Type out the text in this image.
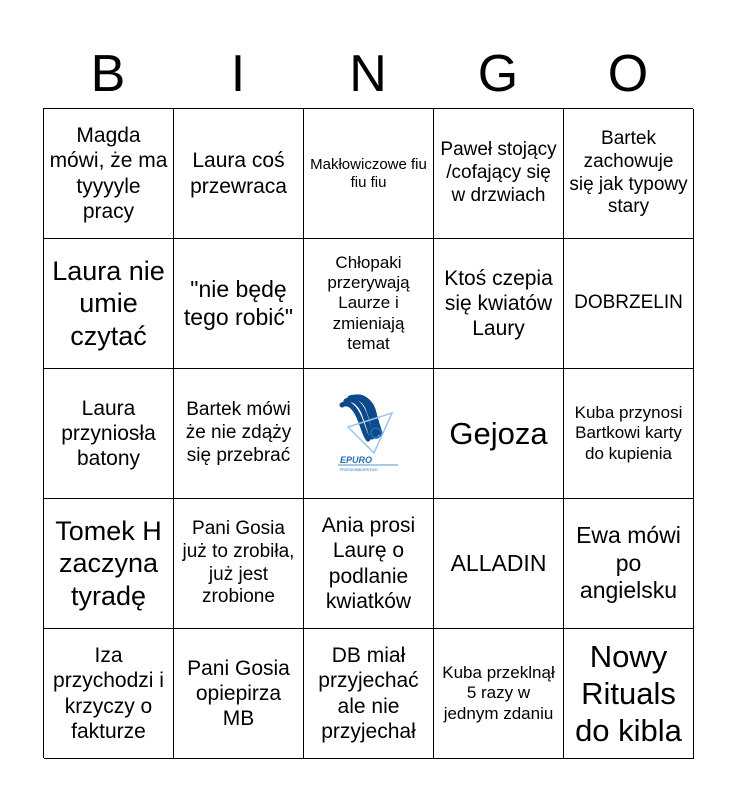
B	I	N	G	O
Magda mówi, że ma tyyyyle pracy
Laura coś przewraca
Makłowiczowe fiu fiu fiu
Paweł stojący /cofający się w drzwiach
Bartek zachowuje się jak typowy stary
Laura nie umie czytać
"nie będę tego robić"
Chłopaki przerywają Laurze i zmieniają temat
Ktoś czepia się kwiatów Laury
DOBRZELIN
Laura przyniosła batony
Bartek mówi że nie zdąży się przebrać	EPURO
PRZEDSIĘBIORSTWO
Gejoza
Kuba przynosi Bartkowi karty do kupienia
Tomek H zaczyna tyradę
Pani Gosia już to zrobiła, już jest zrobione
Ania prosi Laurę o podlanie kwiatków
ALLADIN
Ewa mówi po angielsku
Iza przychodzi i krzyczy o fakturze
Pani Gosia opiepirza MB
DB miał przyjechać ale nie przyjechał
Kuba przeklnął 5 razy w jednym zdaniu
Nowy Rituals do kibla
